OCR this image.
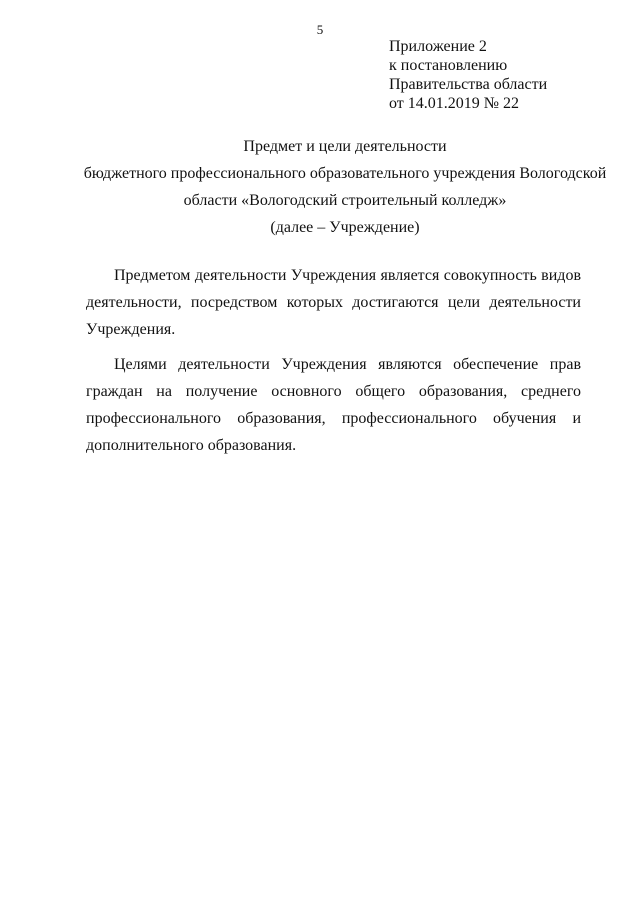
5
Приложение 2
к постановлению
Правительства области
от 14.01.2019 № 22
Предмет и цели деятельности
бюджетного профессионального образовательного учреждения Вологодской
области «Вологодский строительный колледж»
(далее – Учреждение)

Предметом деятельности Учреждения является совокупность видов деятельности, посредством которых достигаются цели деятельности Учреждения.

Целями деятельности Учреждения являются обеспечение прав граждан на получение основного общего образования, среднего профессионального образования, профессионального обучения и дополнительного образования.
